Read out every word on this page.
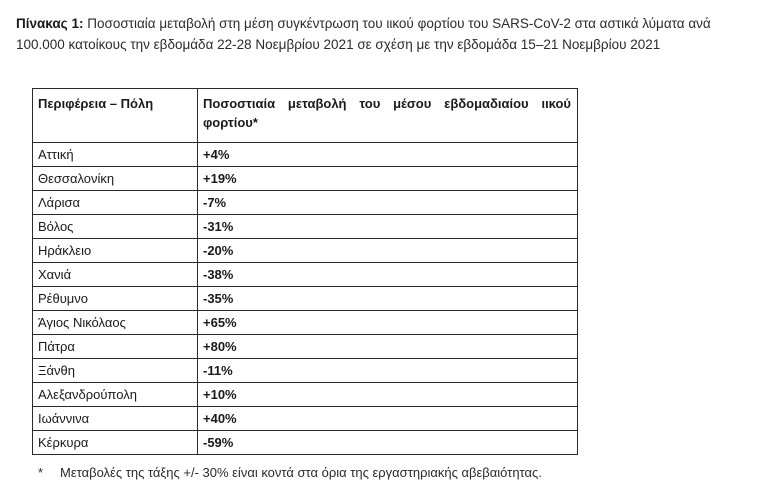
Πίνακας 1: Ποσοστιαία μεταβολή στη μέση συγκέντρωση του ιικού φορτίου του SARS-CoV-2 στα αστικά λύματα ανά 100.000 κατοίκους την εβδομάδα 22-28 Νοεμβρίου 2021 σε σχέση με την εβδομάδα 15–21 Νοεμβρίου 2021
Περιφέρεια – Πόλη	Ποσοστιαία μεταβολή του μέσου εβδομαδιαίου ιικού φορτίου*
Αττική	+4%
Θεσσαλονίκη	+19%
Λάρισα	-7%
Βόλος	-31%
Ηράκλειο	-20%
Χανιά	-38%
Ρέθυμνο	-35%
Άγιος Νικόλαος	+65%
Πάτρα	+80%
Ξάνθη	-11%
Αλεξανδρούπολη	+10%
Ιωάννινα	+40%
Κέρκυρα	-59%
* Μεταβολές της τάξης +/- 30% είναι κοντά στα όρια της εργαστηριακής αβεβαιότητας.
